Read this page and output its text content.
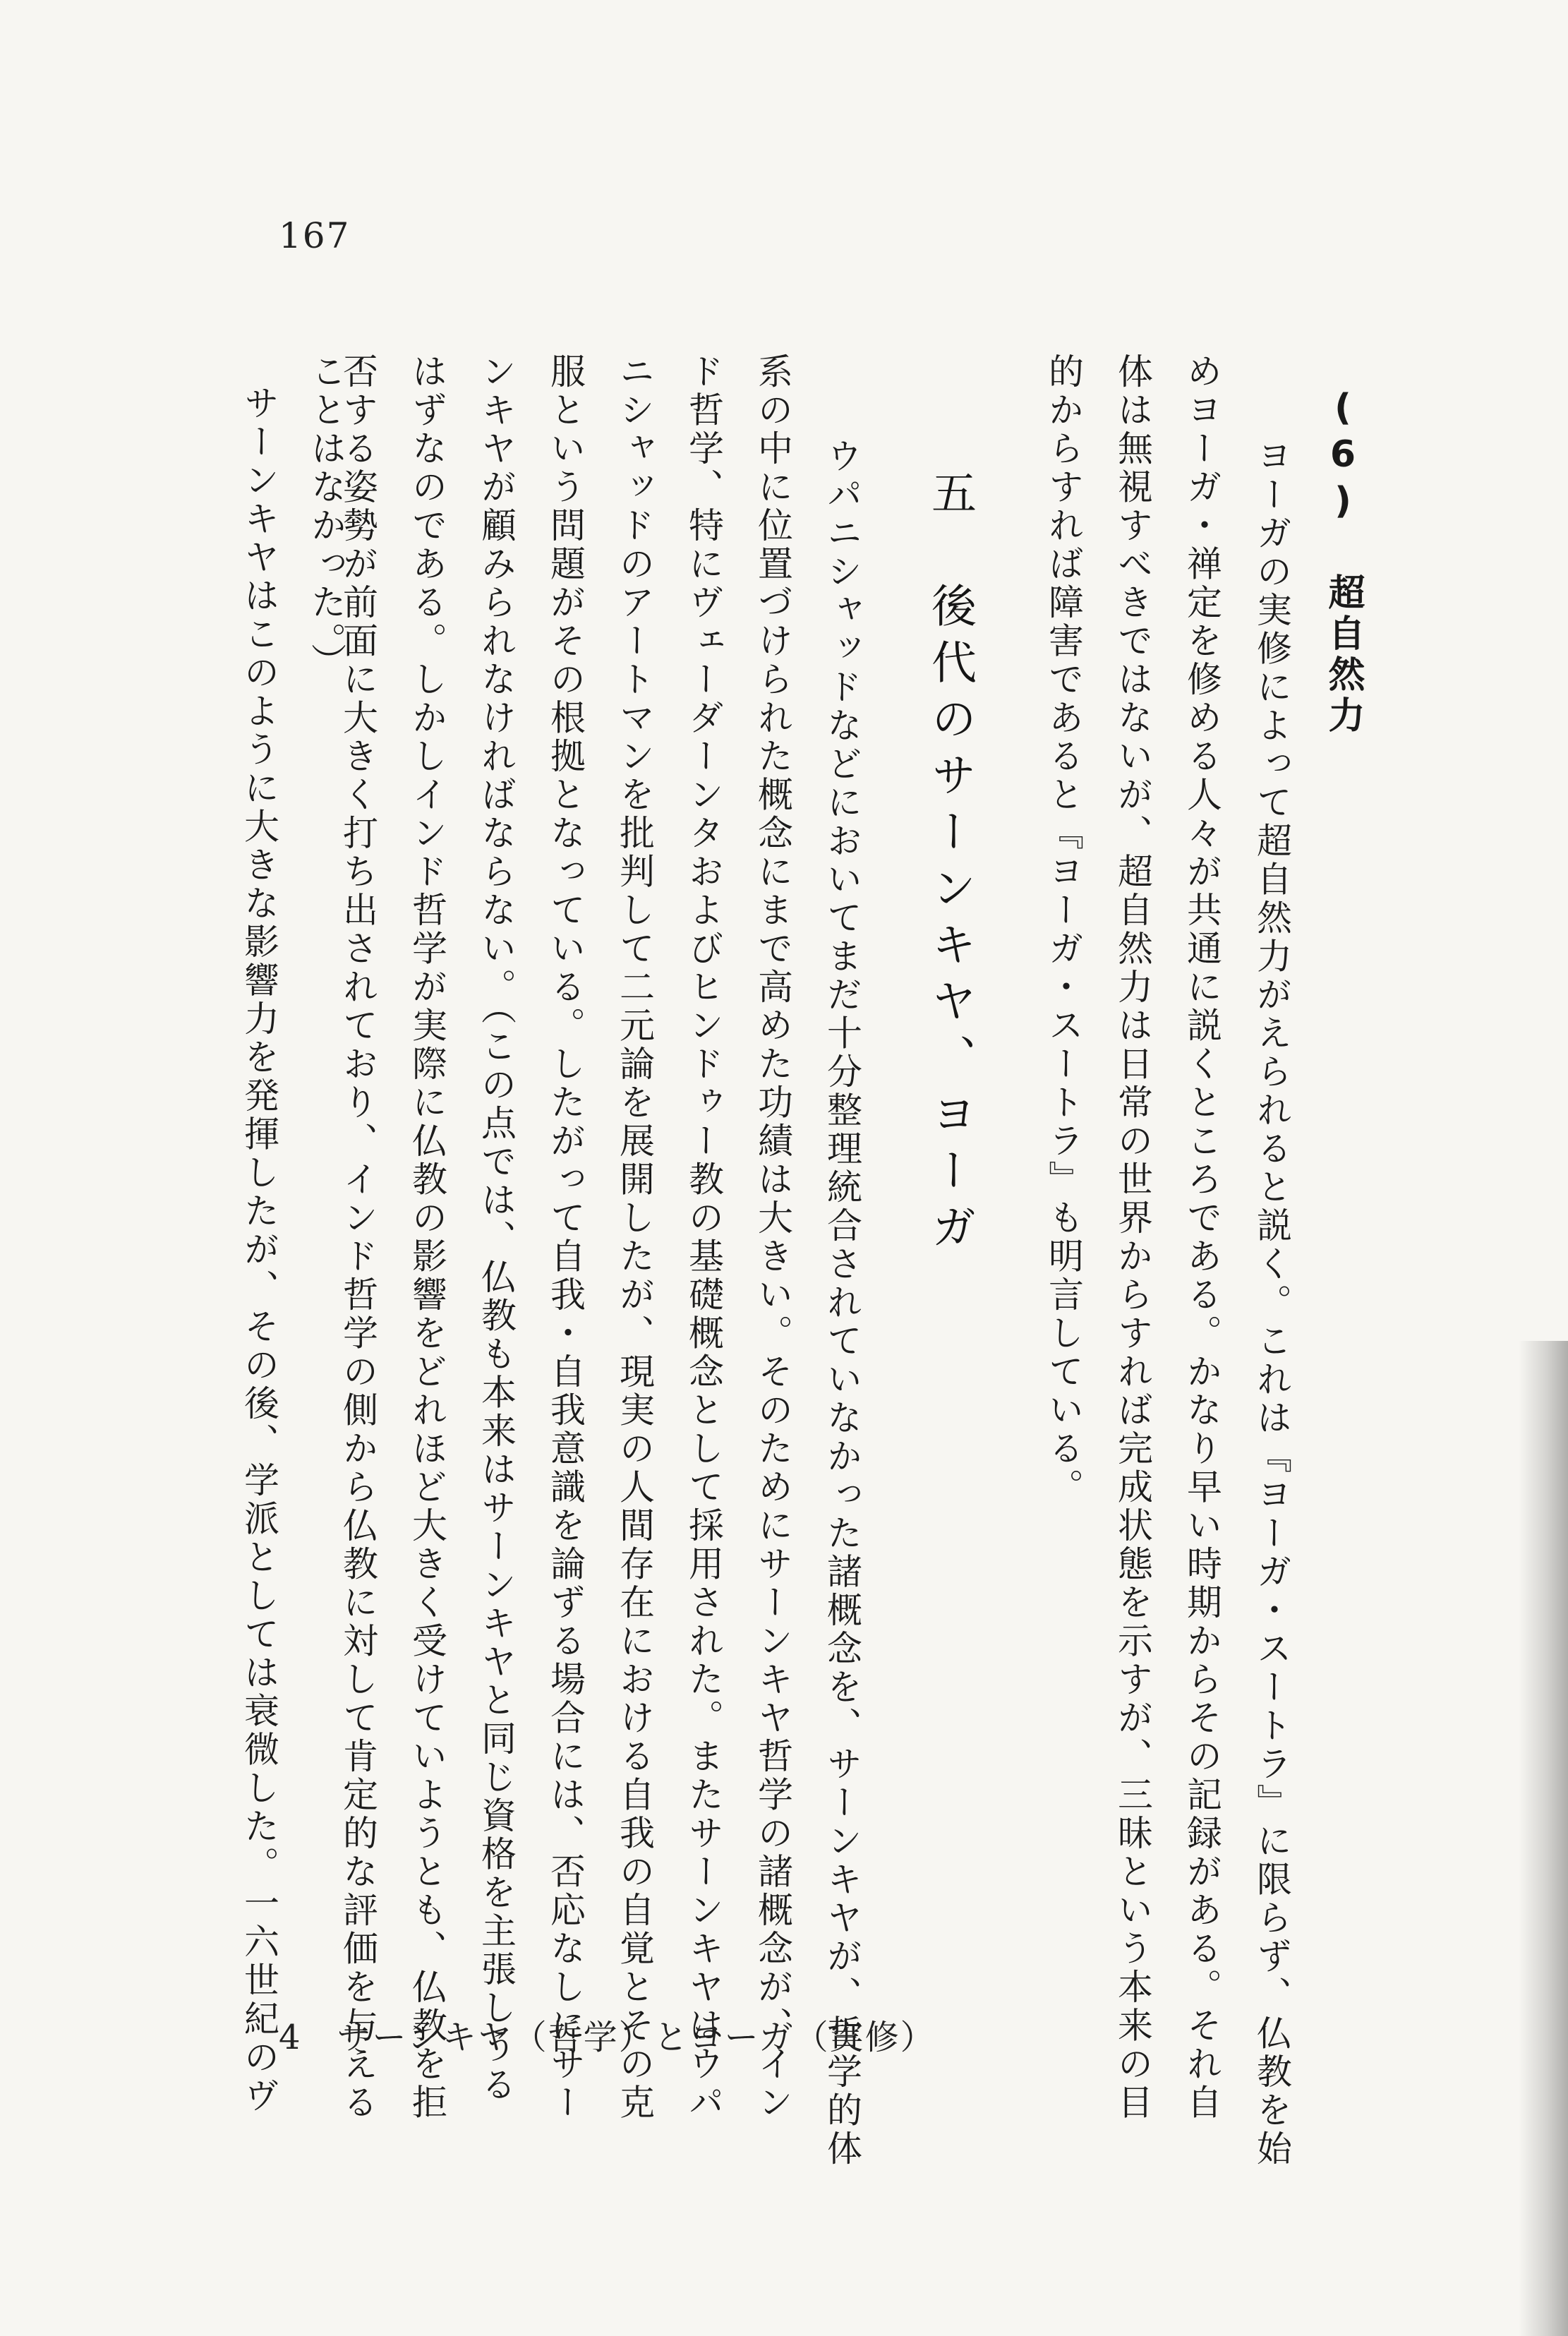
167
(6) 超自然力
ヨーガの実修によって超自然力がえられると説く。これは『ヨーガ・スートラ』に限らず、仏教を始
めヨーガ・禅定を修める人々が共通に説くところである。かなり早い時期からその記録がある。それ自
体は無視すべきではないが、超自然力は日常の世界からすれば完成状態を示すが、三昧という本来の目
的からすれば障害であると『ヨーガ・スートラ』も明言している。
五　後代のサーンキヤ、ヨーガ
ウパニシャッドなどにおいてまだ十分整理統合されていなかった諸概念を、サーンキヤが、哲学的体
系の中に位置づけられた概念にまで高めた功績は大きい。そのためにサーンキヤ哲学の諸概念が、イン
ド哲学、特にヴェーダーンタおよびヒンドゥー教の基礎概念として採用された。またサーンキヤはウパ
ニシャッドのアートマンを批判して二元論を展開したが、現実の人間存在における自我の自覚とその克
服という問題がその根拠となっている。したがって自我・自我意識を論ずる場合には、否応なしにサー
ンキヤが顧みられなければならない。（この点では、仏教も本来はサーンキヤと同じ資格を主張しうる
はずなのである。しかしインド哲学が実際に仏教の影響をどれほど大きく受けていようとも、仏教を拒
否する姿勢が前面に大きく打ち出されており、インド哲学の側から仏教に対して肯定的な評価を与える
ことはなかった。）
サーンキヤはこのように大きな影響力を発揮したが、その後、学派としては衰微した。一六世紀のヴ 4　サーンキヤ（哲学）とヨーガ（実修）
